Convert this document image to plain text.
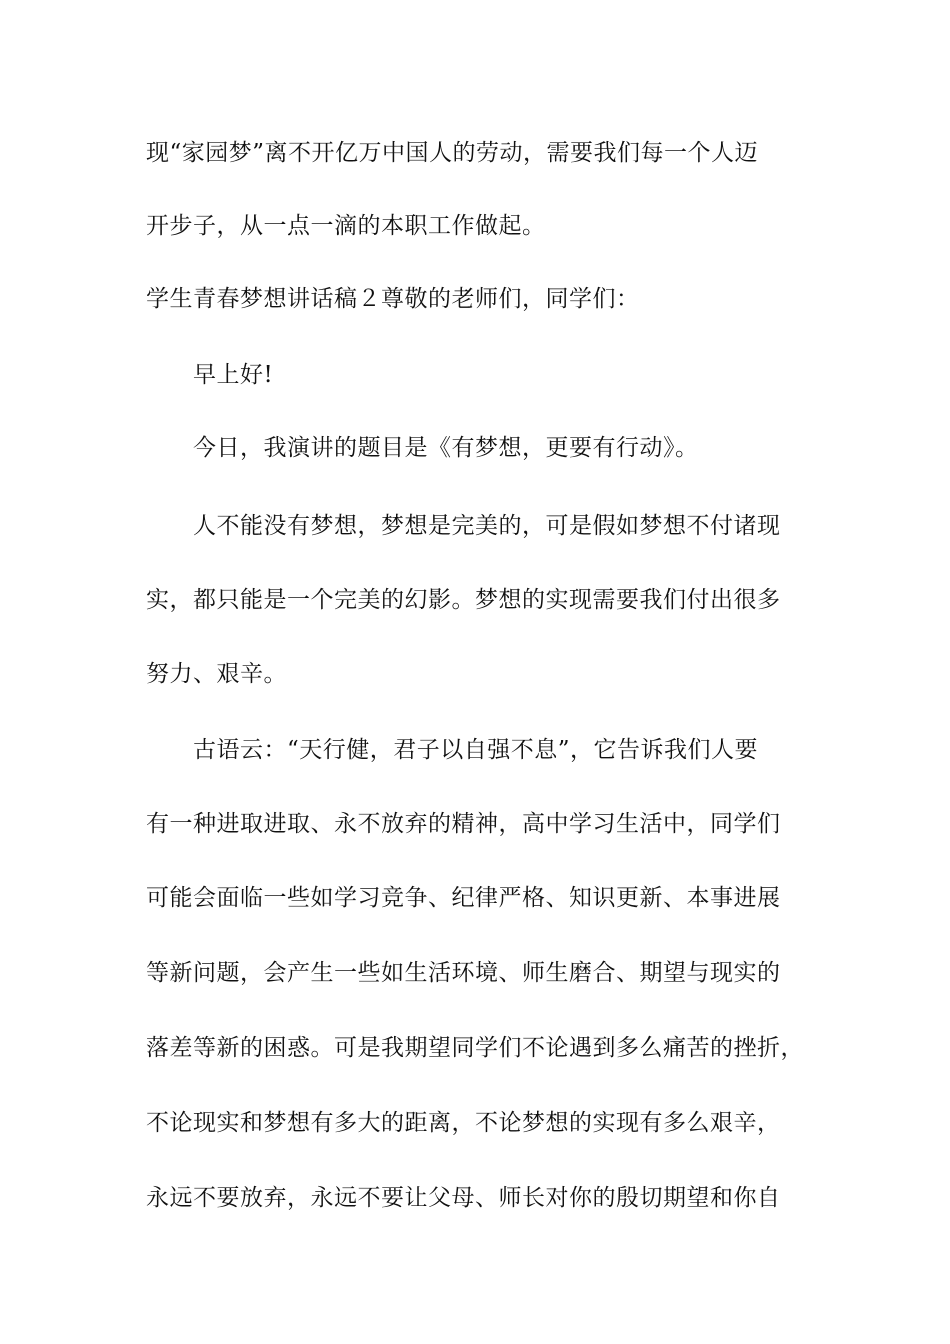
现“家园梦”离不开亿万中国人的劳动，需要我们每一个人迈
开步子，从一点一滴的本职工作做起。
学生青春梦想讲话稿２尊敬的老师们，同学们：
早上好!
今日，我演讲的题目是《有梦想，更要有行动》。
人不能没有梦想，梦想是完美的，可是假如梦想不付诸现
实，都只能是一个完美的幻影。梦想的实现需要我们付出很多
努力、艰辛。
古语云：“天行健，君子以自强不息”，它告诉我们人要
有一种进取进取、永不放弃的精神，高中学习生活中，同学们
可能会面临一些如学习竞争、纪律严格、知识更新、本事进展
等新问题，会产生一些如生活环境、师生磨合、期望与现实的
落差等新的困惑。可是我期望同学们不论遇到多么痛苦的挫折，
不论现实和梦想有多大的距离，不论梦想的实现有多么艰辛，
永远不要放弃，永远不要让父母、师长对你的殷切期望和你自
